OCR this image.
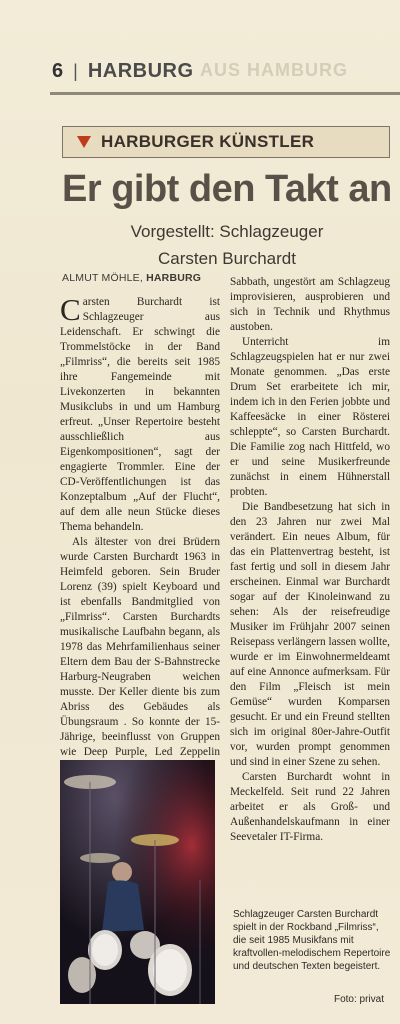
AUS HAMBURG
6 | HARBURG
HARBURGER KÜNSTLER
Er gibt den Takt an
Vorgestellt: Schlagzeuger
Carsten Burchardt
ALMUT MÖHLE, HARBURG

Carsten Burchardt ist Schlagzeuger aus Leidenschaft. Er schwingt die Trommelstöcke in der Band „Filmriss“, die bereits seit 1985 ihre Fangemeinde mit Livekonzerten in bekannten Musikclubs in und um Hamburg erfreut. „Unser Repertoire besteht ausschließlich aus Eigenkompositionen“, sagt der engagierte Trommler. Eine der CD-Veröffentlichungen ist das Konzeptalbum „Auf der Flucht“, auf dem alle neun Stücke dieses Thema behandeln.

Als ältester von drei Brüdern wurde Carsten Burchardt 1963 in Heimfeld geboren. Sein Bruder Lorenz (39) spielt Keyboard und ist ebenfalls Bandmitglied von „Filmriss“. Carsten Burchardts musikalische Laufbahn begann, als 1978 das Mehrfamilienhaus seiner Eltern dem Bau der S-Bahnstrecke Harburg-Neugraben weichen musste. Der Keller diente bis zum Abriss des Gebäudes als Übungsraum . So konnte der 15-Jährige, beeinflusst von Gruppen wie Deep Purple, Led Zeppelin

Sabbath, ungestört am Schlagzeug improvisieren, ausprobieren und sich in Technik und Rhythmus austoben.

Unterricht im Schlagzeugspielen hat er nur zwei Monate genommen. „Das erste Drum Set erarbeitete ich mir, indem ich in den Ferien jobbte und Kaffeesäcke in einer Rösterei schleppte“, so Carsten Burchardt. Die Familie zog nach Hittfeld, wo er und seine Musikerfreunde zunächst in einem Hühnerstall probten.

Die Bandbesetzung hat sich in den 23 Jahren nur zwei Mal verändert. Ein neues Album, für das ein Plattenvertrag besteht, ist fast fertig und soll in diesem Jahr erscheinen. Einmal war Burchardt sogar auf der Kinoleinwand zu sehen: Als der reisefreudige Musiker im Frühjahr 2007 seinen Reisepass verlängern lassen wollte, wurde er im Einwohnermeldeamt auf eine Annonce aufmerksam. Für den Film „Fleisch ist mein Gemüse“ wurden Komparsen gesucht. Er und ein Freund stellten sich im original 80er-Jahre-Outfit vor, wurden prompt genommen und sind in einer Szene zu sehen.

Carsten Burchardt wohnt in Meckelfeld. Seit rund 22 Jahren arbeitet er als Groß- und Außenhandelskaufmann in einer Seevetaler IT-Firma.

Schlagzeuger Carsten Burchardt spielt in der Rockband „Filmriss“, die seit 1985 Musikfans mit kraftvollen-melodischem Repertoire und deutschen Texten begeistert.
Foto: privat
